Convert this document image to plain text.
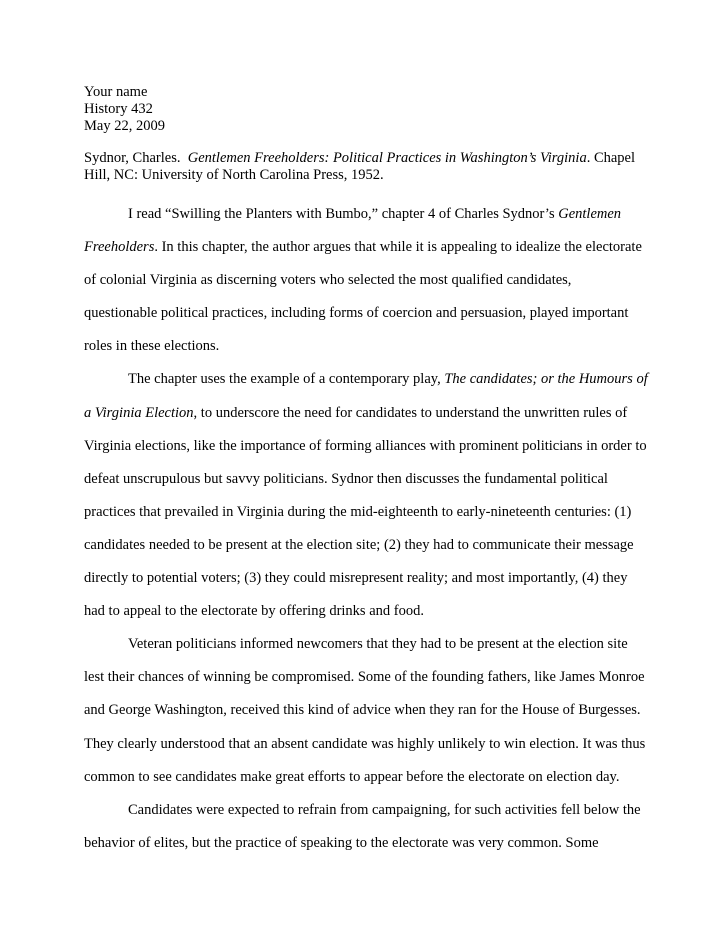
Your name
History 432
May 22, 2009
Sydnor, Charles. Gentlemen Freeholders: Political Practices in Washington’s Virginia. Chapel
Hill, NC: University of North Carolina Press, 1952.
I read “Swilling the Planters with Bumbo,” chapter 4 of Charles Sydnor’s Gentlemen
Freeholders. In this chapter, the author argues that while it is appealing to idealize the electorate
of colonial Virginia as discerning voters who selected the most qualified candidates,
questionable political practices, including forms of coercion and persuasion, played important
roles in these elections.
The chapter uses the example of a contemporary play, The candidates; or the Humours of
a Virginia Election, to underscore the need for candidates to understand the unwritten rules of
Virginia elections, like the importance of forming alliances with prominent politicians in order to
defeat unscrupulous but savvy politicians. Sydnor then discusses the fundamental political
practices that prevailed in Virginia during the mid-eighteenth to early-nineteenth centuries: (1)
candidates needed to be present at the election site; (2) they had to communicate their message
directly to potential voters; (3) they could misrepresent reality; and most importantly, (4) they
had to appeal to the electorate by offering drinks and food.
Veteran politicians informed newcomers that they had to be present at the election site
lest their chances of winning be compromised. Some of the founding fathers, like James Monroe
and George Washington, received this kind of advice when they ran for the House of Burgesses.
They clearly understood that an absent candidate was highly unlikely to win election. It was thus
common to see candidates make great efforts to appear before the electorate on election day.
Candidates were expected to refrain from campaigning, for such activities fell below the
behavior of elites, but the practice of speaking to the electorate was very common. Some
